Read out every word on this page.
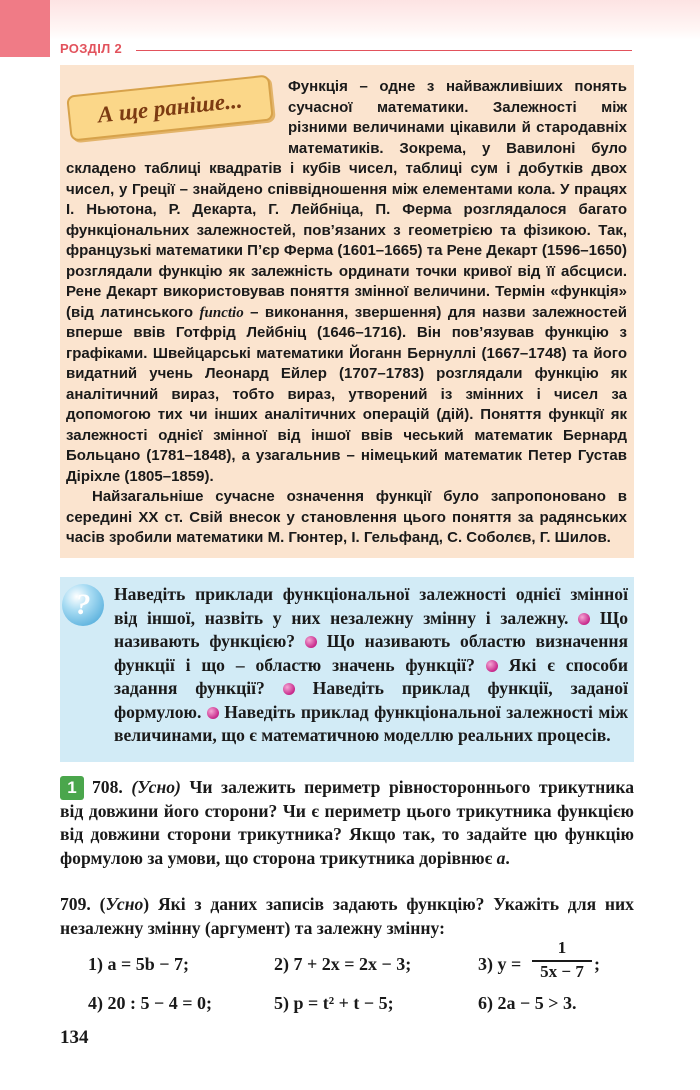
РОЗДІЛ 2
А ще раніше...

Функція – одне з найважливіших понять сучасної математики. Залежності між різними величинами цікавили й стародавніх математиків. Зокрема, у Вавилоні було складено таблиці квадратів і кубів чисел, таблиці сум і добутків двох чисел, у Греції – знайдено співвідношення між елементами кола. У працях І. Ньютона, Р. Декарта, Г. Лейбніца, П. Ферма розглядалося багато функціональних залежностей, пов’язаних з геометрією та фізикою. Так, французькі математики П’єр Ферма (1601–1665) та Рене Декарт (1596–1650) розглядали функцію як залежність ординати точки кривої від її абсциси. Рене Декарт використовував поняття змінної величини. Термін «функція» (від латинського functio – виконання, звершення) для назви залежностей вперше ввів Готфрід Лейбніц (1646–1716). Він пов’язував функцію з графіками. Швейцарські математики Йоганн Бернуллі (1667–1748) та його видатний учень Леонард Ейлер (1707–1783) розглядали функцію як аналітичний вираз, тобто вираз, утворений із змінних і чисел за допомогою тих чи інших аналітичних операцій (дій). Поняття функції як залежності однієї змінної від іншої ввів чеський математик Бернард Больцано (1781–1848), а узагальнив – німецький математик Петер Густав Діріхле (1805–1859).

Найзагальніше сучасне означення функції було запропоновано в середині XX ст. Свій внесок у становлення цього поняття за радянських часів зробили математики М. Гюнтер, І. Гельфанд, С. Соболєв, Г. Шилов.

?	Наведіть приклади функціональної залежності однієї змінної від іншої, назвіть у них незалежну змінну і залежну. Що називають функцією? Що називають областю визначення функції і що – областю значень функції? Які є способи задання функції?	Наведіть приклад функції, заданої формулою. Наведіть приклад функціональної залежності між величинами, що є математичною моделлю реальних процесів.
708. (Усно) Чи залежить периметр рівностороннього трикутника від довжини його сторони? Чи є периметр цього трикутника функцією від довжини сторони трикутника? Якщо так, то задайте цю функцію формулою за умови, що сторона трикутника дорівнює a.
1
709. (Усно) Які з даних записів задають функцію? Укажіть для них незалежну змінну (аргумент) та залежну змінну:
1) a = 5b − 7;	2) 7 + 2x = 2x − 3;	3) y =
1
5x − 7 ;
4) 20 : 5 − 4 = 0;	5) p = t² + t − 5;	6) 2a − 5 > 3.
134
